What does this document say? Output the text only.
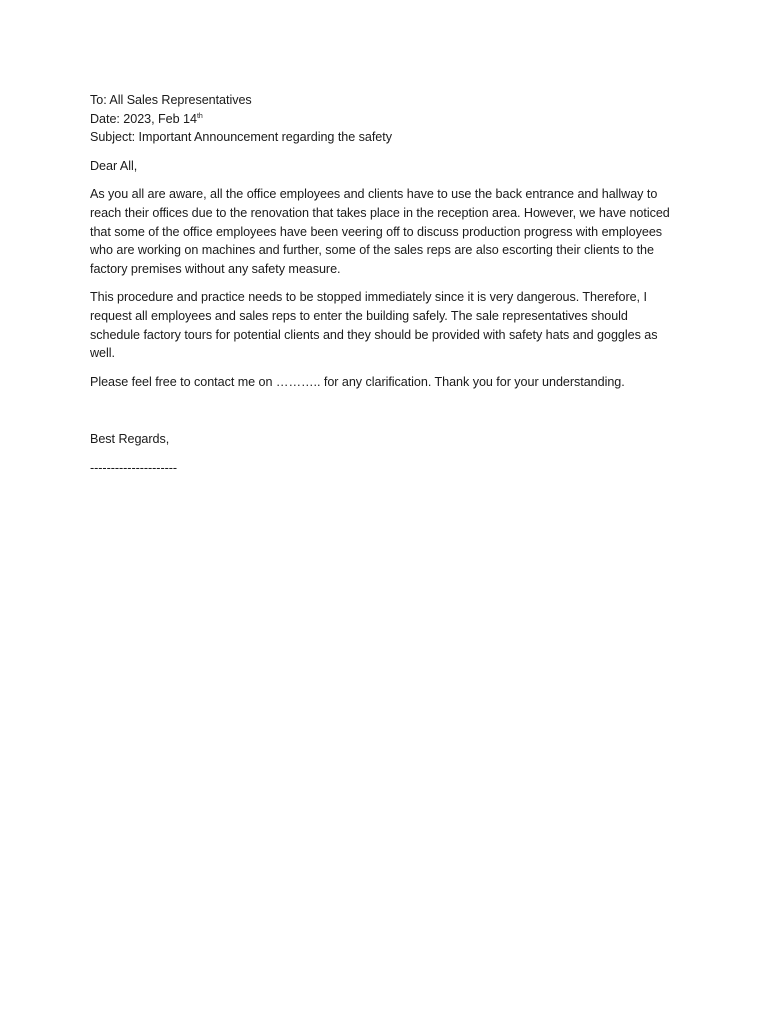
To: All Sales Representatives
Date: 2023, Feb 14th
Subject: Important Announcement regarding the safety

Dear All,

As you all are aware, all the office employees and clients have to use the back entrance and hallway to reach their offices due to the renovation that takes place in the reception area. However, we have noticed that some of the office employees have been veering off to discuss production progress with employees who are working on machines and further, some of the sales reps are also escorting their clients to the factory premises without any safety measure.

This procedure and practice needs to be stopped immediately since it is very dangerous. Therefore, I request all employees and sales reps to enter the building safely. The sale representatives should schedule factory tours for potential clients and they should be provided with safety hats and goggles as well.

Please feel free to contact me on ……….. for any clarification. Thank you for your understanding.

Best Regards,

---------------------
